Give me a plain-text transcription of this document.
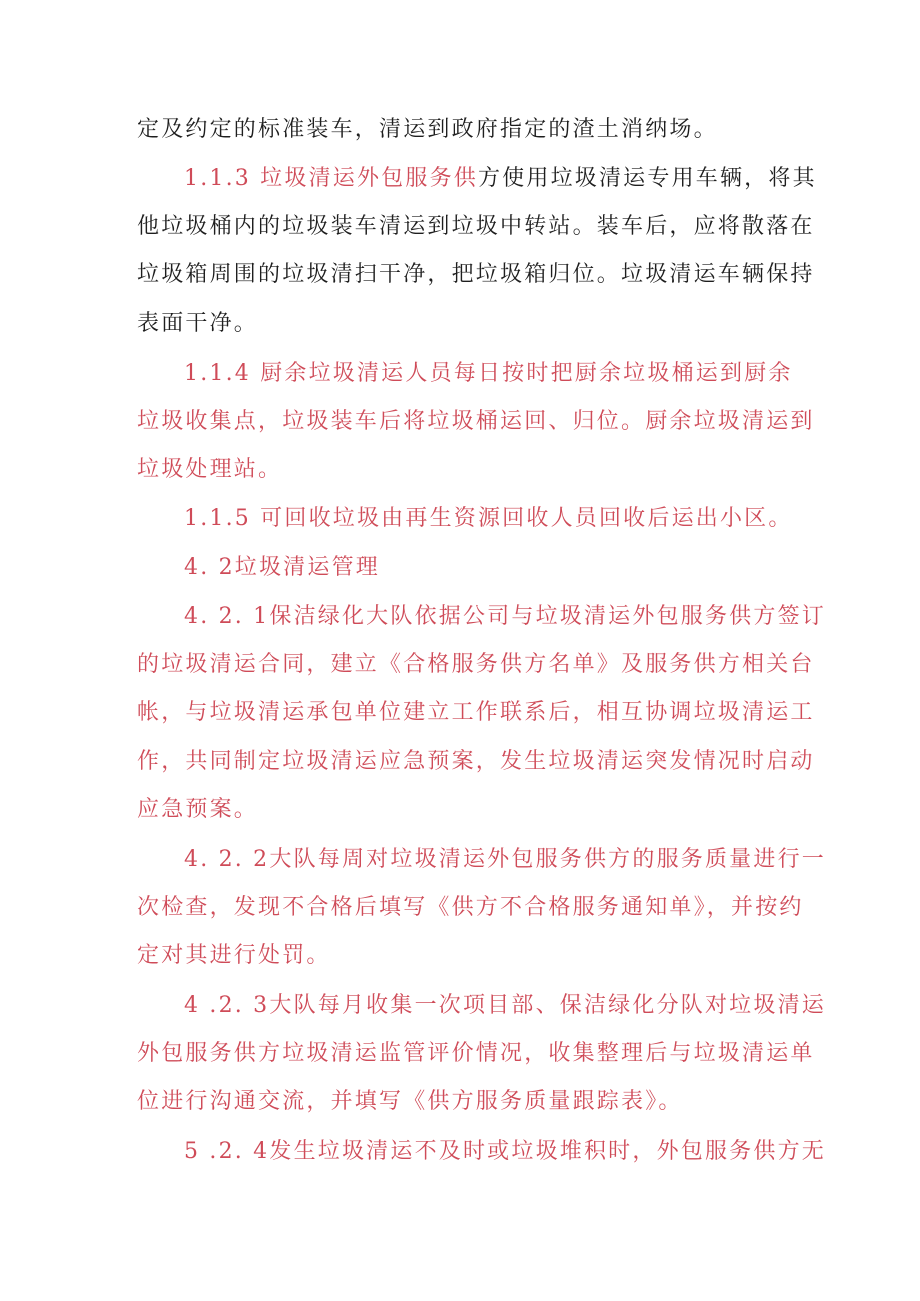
定及约定的标准装车，清运到政府指定的渣土消纳场。
1.1.3 垃圾清运外包服务供方使用垃圾清运专用车辆，将其
他垃圾桶内的垃圾装车清运到垃圾中转站。装车后，应将散落在
垃圾箱周围的垃圾清扫干净，把垃圾箱归位。垃圾清运车辆保持
表面干净。
1.1.4 厨余垃圾清运人员每日按时把厨余垃圾桶运到厨余
垃圾收集点，垃圾装车后将垃圾桶运回、归位。厨余垃圾清运到
垃圾处理站。
1.1.5 可回收垃圾由再生资源回收人员回收后运出小区。
4. 2垃圾清运管理
4. 2. 1保洁绿化大队依据公司与垃圾清运外包服务供方签订
的垃圾清运合同，建立《合格服务供方名单》及服务供方相关台
帐，与垃圾清运承包单位建立工作联系后，相互协调垃圾清运工
作，共同制定垃圾清运应急预案，发生垃圾清运突发情况时启动
应急预案。
4. 2. 2大队每周对垃圾清运外包服务供方的服务质量进行一
次检查，发现不合格后填写《供方不合格服务通知单》，并按约
定对其进行处罚。
4 .2. 3大队每月收集一次项目部、保洁绿化分队对垃圾清运
外包服务供方垃圾清运监管评价情况，收集整理后与垃圾清运单
位进行沟通交流，并填写《供方服务质量跟踪表》。
5 .2. 4发生垃圾清运不及时或垃圾堆积时，外包服务供方无
